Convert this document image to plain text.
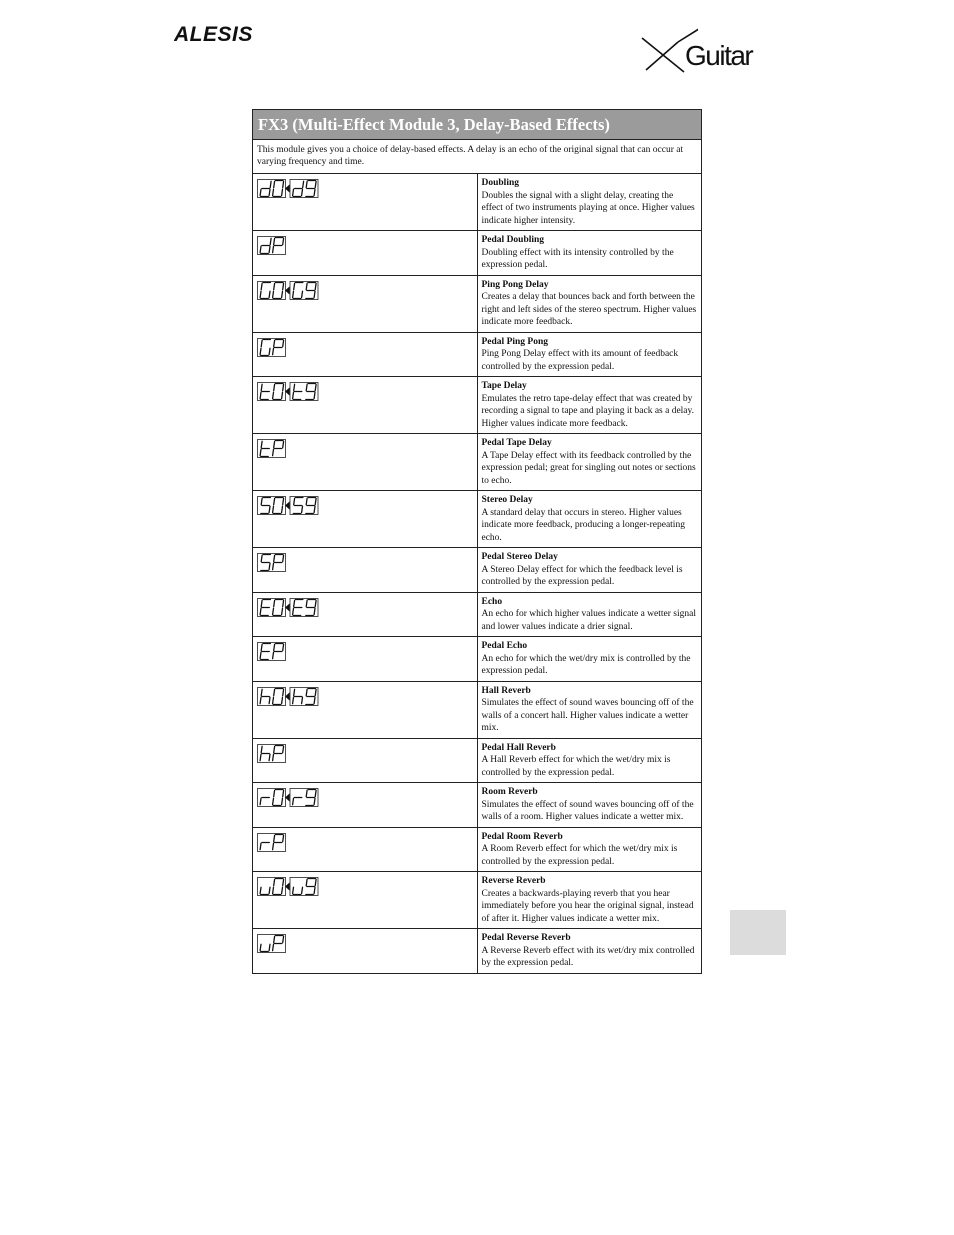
ALESIS
Guitar
FX3 (Multi-Effect Module 3, Delay-Based Effects)	
This module gives you a choice of delay-based effects. A delay is an echo of the original signal that can occur at varying frequency and time.	

Doubling
Doubles the signal with a slight delay, creating the effect of two instruments playing at once. Higher values indicate higher intensity.

Pedal Doubling
Doubling effect with its intensity controlled by the expression pedal.

Ping Pong Delay
Creates a delay that bounces back and forth between the right and left sides of the stereo spectrum. Higher values indicate more feedback.

Pedal Ping Pong
Ping Pong Delay effect with its amount of feedback controlled by the expression pedal.

Tape Delay
Emulates the retro tape-delay effect that was created by recording a signal to tape and playing it back as a delay. Higher values indicate more feedback.

Pedal Tape Delay
A Tape Delay effect with its feedback controlled by the expression pedal; great for singling out notes or sections to echo.

Stereo Delay
A standard delay that occurs in stereo. Higher values indicate more feedback, producing a longer-repeating echo.

Pedal Stereo Delay
A Stereo Delay effect for which the feedback level is controlled by the expression pedal.

Echo
An echo for which higher values indicate a wetter signal and lower values indicate a drier signal.

Pedal Echo
An echo for which the wet/dry mix is controlled by the expression pedal.

Hall Reverb
Simulates the effect of sound waves bouncing off of the walls of a concert hall. Higher values indicate a wetter mix.

Pedal Hall Reverb
A Hall Reverb effect for which the wet/dry mix is controlled by the expression pedal.

Room Reverb
Simulates the effect of sound waves bouncing off of the walls of a room. Higher values indicate a wetter mix.

Pedal Room Reverb
A Room Reverb effect for which the wet/dry mix is controlled by the expression pedal.

Reverse Reverb
Creates a backwards-playing reverb that you hear immediately before you hear the original signal, instead of after it. Higher values indicate a wetter mix.

Pedal Reverse Reverb
A Reverse Reverb effect with its wet/dry mix controlled by the expression pedal.
